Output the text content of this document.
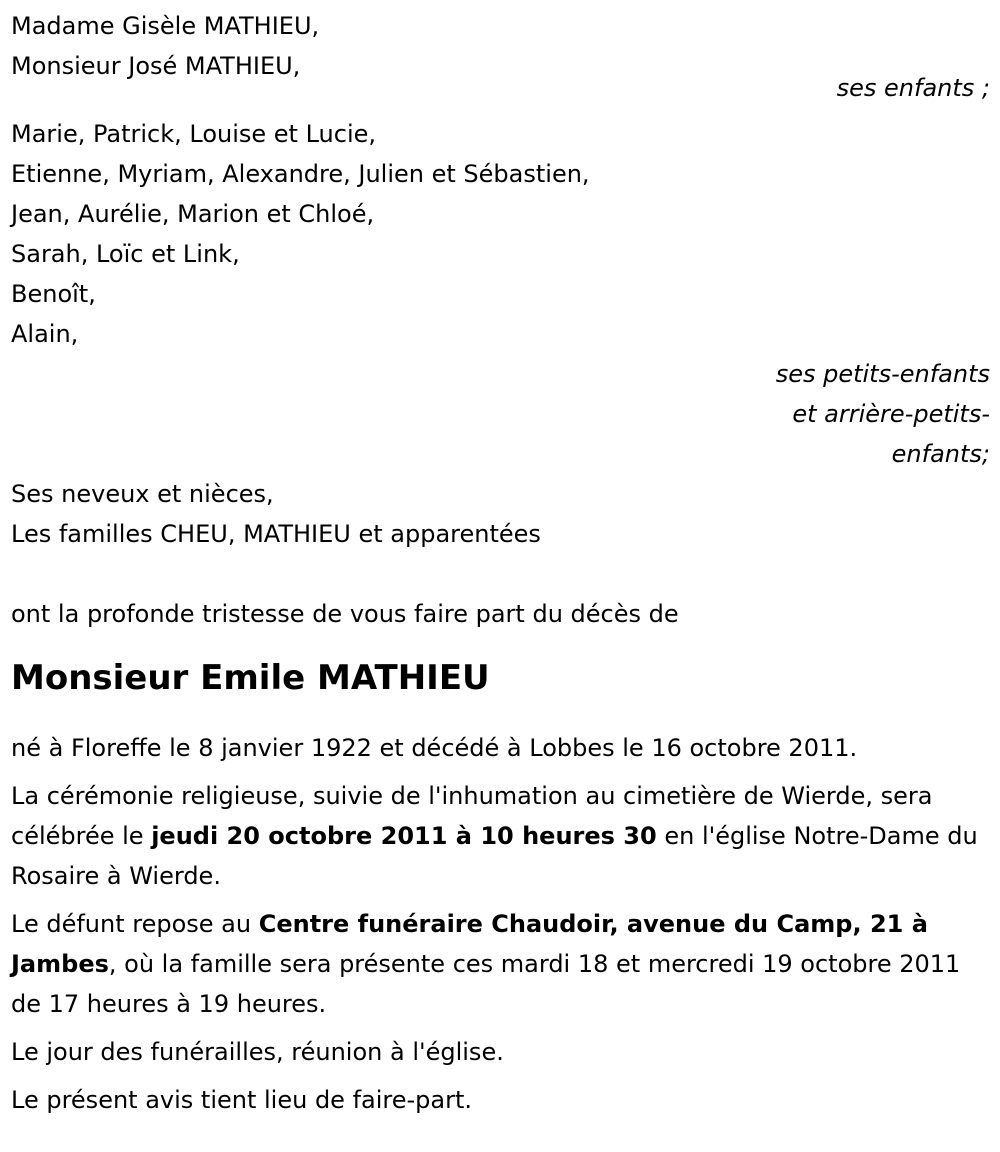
Madame Gisèle MATHIEU,
Monsieur José MATHIEU,
ses enfants ;
Marie, Patrick, Louise et Lucie,
Etienne, Myriam, Alexandre, Julien et Sébastien,
Jean, Aurélie, Marion et Chloé,
Sarah, Loïc et Link,
Benoît,
Alain,
ses petits-enfants
et arrière-petits-
enfants;
Ses neveux et nièces,
Les familles CHEU, MATHIEU et apparentées
ont la profonde tristesse de vous faire part du décès de
Monsieur Emile MATHIEU
né à Floreffe le 8 janvier 1922 et décédé à Lobbes le 16 octobre 2011.
La cérémonie religieuse, suivie de l'inhumation au cimetière de Wierde, sera célébrée le jeudi 20 octobre 2011 à 10 heures 30 en l'église Notre-Dame du Rosaire à Wierde.
Le défunt repose au Centre funéraire Chaudoir, avenue du Camp, 21 à Jambes, où la famille sera présente ces mardi 18 et mercredi 19 octobre 2011 de 17 heures à 19 heures.
Le jour des funérailles, réunion à l'église.
Le présent avis tient lieu de faire-part.
